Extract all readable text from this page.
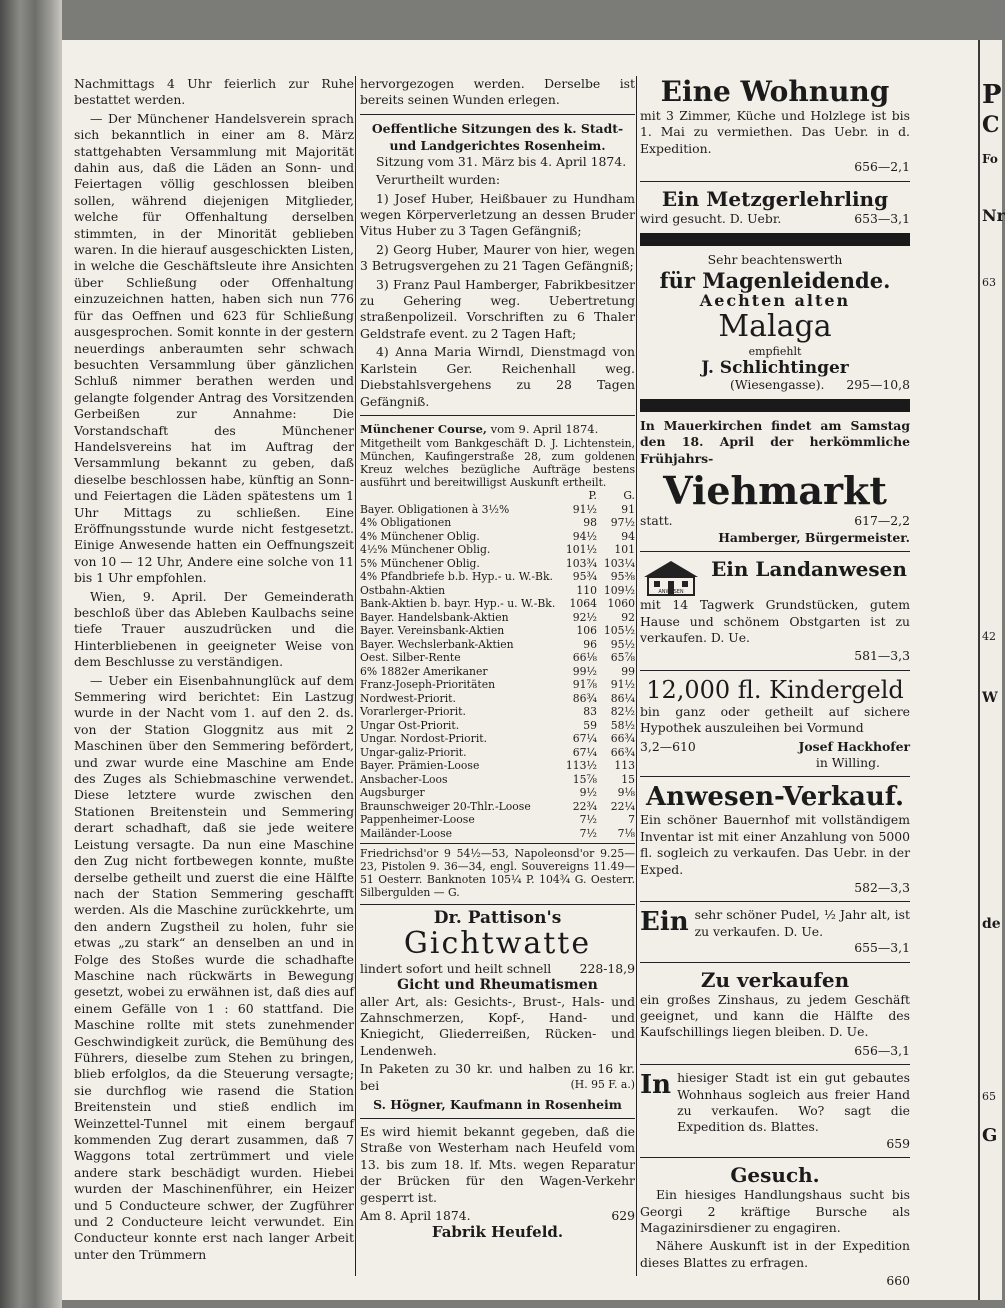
Nachmittags 4 Uhr feierlich zur Ruhe bestattet werden.

— Der Münchener Handelsverein sprach sich bekanntlich in einer am 8. März stattgehabten Versammlung mit Majorität dahin aus, daß die Läden an Sonn- und Feiertagen völlig geschlossen bleiben sollen, während diejenigen Mitglieder, welche für Offenhaltung derselben stimmten, in der Minorität geblieben waren. In die hierauf ausgeschickten Listen, in welche die Geschäftsleute ihre Ansichten über Schließung oder Offenhaltung einzuzeichnen hatten, haben sich nun 776 für das Oeffnen und 623 für Schließung ausgesprochen. Somit konnte in der gestern neuerdings anberaumten sehr schwach besuchten Versammlung über gänzlichen Schluß nimmer berathen werden und gelangte folgender Antrag des Vorsitzenden Gerbeißen zur Annahme: Die Vorstandschaft des Münchener Handelsvereins hat im Auftrag der Versammlung bekannt zu geben, daß dieselbe beschlossen habe, künftig an Sonn- und Feiertagen die Läden spätestens um 1 Uhr Mittags zu schließen. Eine Eröffnungsstunde wurde nicht festgesetzt. Einige Anwesende hatten ein Oeffnungszeit von 10 — 12 Uhr, Andere eine solche von 11 bis 1 Uhr empfohlen.

Wien, 9. April. Der Gemeinderath beschloß über das Ableben Kaulbachs seine tiefe Trauer auszudrücken und die Hinterbliebenen in geeigneter Weise von dem Beschlusse zu verständigen.

— Ueber ein Eisenbahnunglück auf dem Semmering wird berichtet: Ein Lastzug wurde in der Nacht vom 1. auf den 2. ds. von der Station Gloggnitz aus mit 2 Maschinen über den Semmering befördert, und zwar wurde eine Maschine am Ende des Zuges als Schiebmaschine verwendet. Diese letztere wurde zwischen den Stationen Breitenstein und Semmering derart schadhaft, daß sie jede weitere Leistung versagte. Da nun eine Maschine den Zug nicht fortbewegen konnte, mußte derselbe getheilt und zuerst die eine Hälfte nach der Station Semmering geschafft werden. Als die Maschine zurückkehrte, um den andern Zugstheil zu holen, fuhr sie etwas „zu stark“ an denselben an und in Folge des Stoßes wurde die schadhafte Maschine nach rückwärts in Bewegung gesetzt, wobei zu erwähnen ist, daß dies auf einem Gefälle von 1 : 60 stattfand. Die Maschine rollte mit stets zunehmender Geschwindigkeit zurück, die Bemühung des Führers, dieselbe zum Stehen zu bringen, blieb erfolglos, da die Steuerung versagte; sie durchflog wie rasend die Station Breitenstein und stieß endlich im Weinzettel-Tunnel mit einem bergauf kommenden Zug derart zusammen, daß 7 Waggons total zertrümmert und viele andere stark beschädigt wurden. Hiebei wurden der Maschinenführer, ein Heizer und 5 Conducteure schwer, der Zugführer und 2 Conducteure leicht verwundet. Ein Conducteur konnte erst nach langer Arbeit unter den Trümmern

hervorgezogen werden. Derselbe ist bereits seinen Wunden erlegen.

Oeffentliche Sitzungen des k. Stadt- und Landgerichtes Rosenheim.

Sitzung vom 31. März bis 4. April 1874.

Verurtheilt wurden:

1) Josef Huber, Heißbauer zu Hundham wegen Körperverletzung an dessen Bruder Vitus Huber zu 3 Tagen Gefängniß;

2) Georg Huber, Maurer von hier, wegen 3 Betrugsvergehen zu 21 Tagen Gefängniß;

3) Franz Paul Hamberger, Fabrikbesitzer zu Gehering weg. Uebertretung straßenpolizeil. Vorschriften zu 6 Thaler Geldstrafe event. zu 2 Tagen Haft;

4) Anna Maria Wirndl, Dienstmagd von Karlstein Ger. Reichenhall weg. Diebstahlsvergehens zu 28 Tagen Gefängniß.

Münchener Course, vom 9. April 1874.
Mitgetheilt vom Bankgeschäft D. J. Lichtenstein, München, Kaufingerstraße 28, zum goldenen Kreuz welches bezügliche Aufträge bestens ausführt und bereitwilligst Auskunft ertheilt.
	P.	G.
Bayer. Obligationen à 3½%	91½	91
4% Obligationen	98	97½
4% Münchener Oblig.	94½	94
4½% Münchener Oblig.	101½	101
5% Münchener Oblig.	103¾	103¼
4% Pfandbriefe b.b. Hyp.- u. W.-Bk.	95¾	95⅜
Ostbahn-Aktien	110	109½
Bank-Aktien b. bayr. Hyp.- u. W.-Bk.	1064	1060
Bayer. Handelsbank-Aktien	92½	92
Bayer. Vereinsbank-Aktien	106	105½
Bayer. Wechslerbank-Aktien	96	95½
Oest. Silber-Rente	66⅛	65⅞
6% 1882er Amerikaner	99½	99
Franz-Joseph-Prioritäten	91⅞	91½
Nordwest-Priorit.	86¾	86¼
Vorarlerger-Priorit.	83	82½
Ungar Ost-Priorit.	59	58½
Ungar. Nordost-Priorit.	67¼	66¾
Ungar-galiz-Priorit.	67¼	66¾
Bayer. Prämien-Loose	113½	113
Ansbacher-Loos	15⅞	15
Augsburger	9½	9⅛
Braunschweiger 20-Thlr.-Loose	22¾	22¼
Pappenheimer-Loose	7½	7
Mailänder-Loose	7½	7⅛
Friedrichsd'or 9 54½—53, Napoleonsd'or 9.25—23, Pistolen 9. 36—34, engl. Souvereigns 11.49—51 Oesterr. Banknoten 105¼ P. 104¾ G. Oesterr. Silbergulden — G.
Dr. Pattison's
Gichtwatte
lindert sofort und heilt schnell 228-18,9
Gicht und Rheumatismen

aller Art, als: Gesichts-, Brust-, Hals- und Zahnschmerzen, Kopf-, Hand- und Kniegicht, Gliederreißen, Rücken- und Lendenweh.

In Paketen zu 30 kr. und halben zu 16 kr. bei	(H. 95 F. a.)

S. Högner, Kaufmann in Rosenheim

Es wird hiemit bekannt gegeben, daß die Straße von Westerham nach Heufeld vom 13. bis zum 18. lf. Mts. wegen Reparatur der Brücken für den Wagen-Verkehr gesperrt ist.

Am 8. April 1874.	629
Fabrik Heufeld.
Eine Wohnung

mit 3 Zimmer, Küche und Holzlege ist bis 1. Mai zu vermiethen. Das Uebr. in d. Expedition.

656—2,1
Ein Metzgerlehrling
wird gesucht. D. Uebr.	653—3,1
Sehr beachtenswerth
für Magenleidende.
Aechten alten
Malaga
empfiehlt
J. Schlichtinger
(Wiesengasse). 295—10,8

In Mauerkirchen findet am Samstag den 18. April der herkömmliche Frühjahrs-

Viehmarkt
statt.	617—2,2
Hamberger, Bürgermeister.
ANWESEN
Ein Landanwesen

mit 14 Tagwerk Grundstücken, gutem Hause und schönem Obstgarten ist zu verkaufen. D. Ue.

581—3,3
12,000 fl. Kindergeld

bin ganz oder getheilt auf sichere Hypothek auszuleihen bei Vormund

3,2—610	Josef Hackhofer
in Willing.
Anwesen-Verkauf.

Ein schöner Bauernhof mit vollständigem Inventar ist mit einer Anzahlung von 5000 fl. sogleich zu verkaufen. Das Uebr. in der Exped.

582—3,3
Ein sehr schöner Pudel, ½ Jahr alt, ist zu verkaufen. D. Ue.
655—3,1
Zu verkaufen

ein großes Zinshaus, zu jedem Geschäft geeignet, und kann die Hälfte des Kaufschillings liegen bleiben. D. Ue.

656—3,1
In hiesiger Stadt ist ein gut gebautes Wohnhaus sogleich aus freier Hand zu verkaufen. Wo? sagt die Expedition ds. Blattes.
659
Gesuch.

Ein hiesiges Handlungshaus sucht bis Georgi 2 kräftige Bursche als Magazinirsdiener zu engagiren.

Nähere Auskunft ist in der Expedition dieses Blattes zu erfragen.

660
P
C
Fo
Nr
63
42
W
de
G
65
